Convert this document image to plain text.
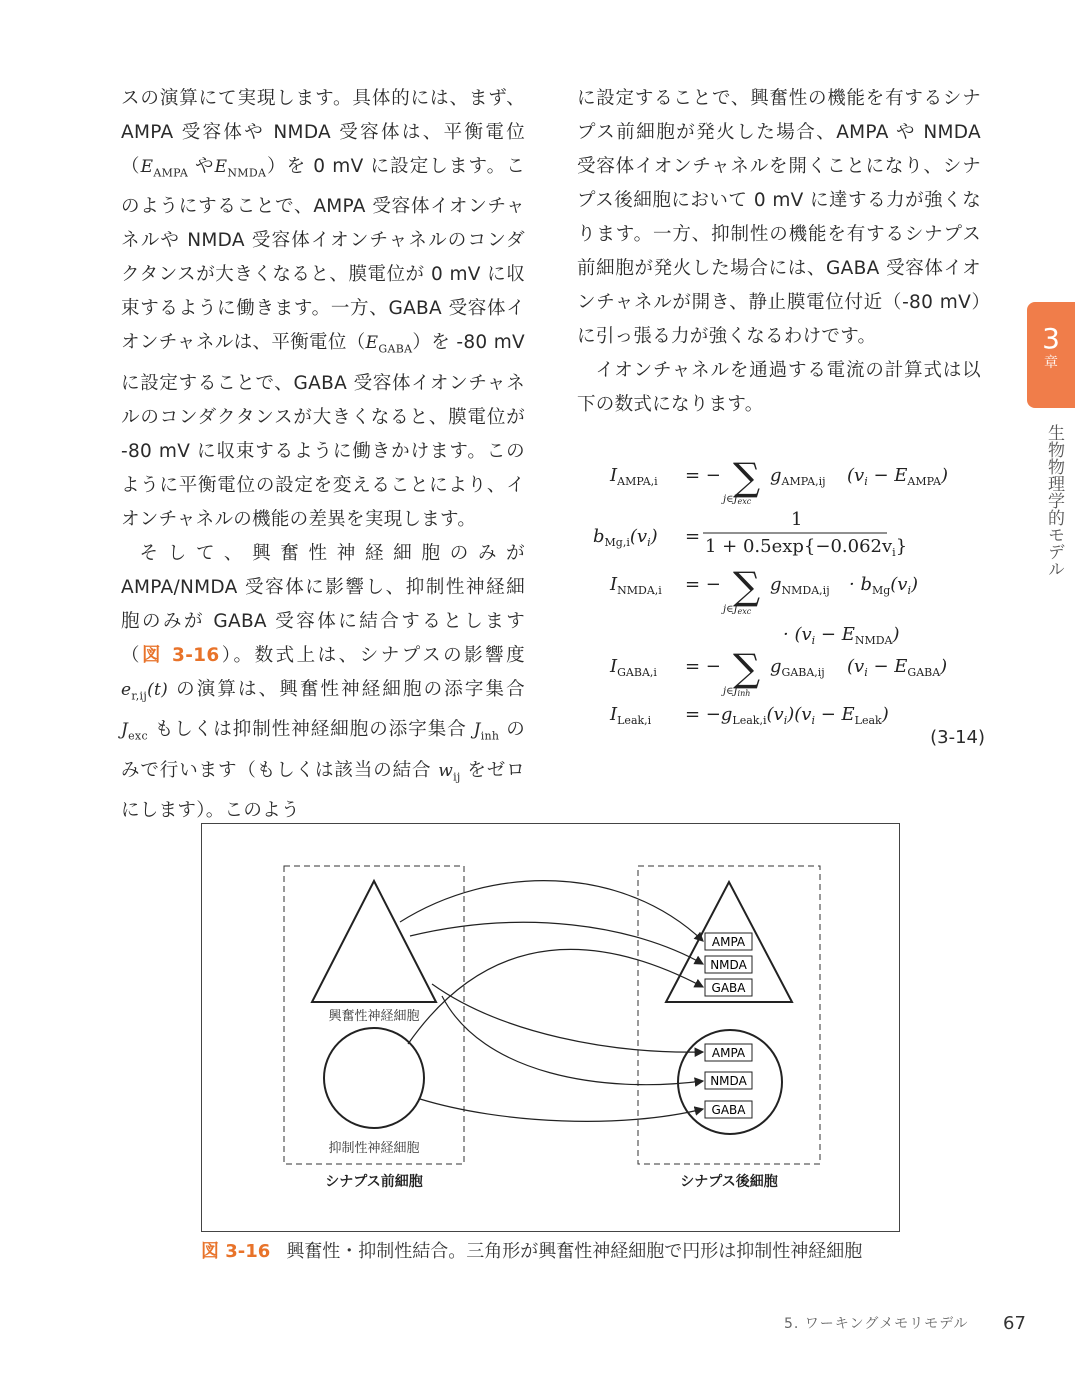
スの演算にて実現します。具体的には、まず、AMPA 受容体や NMDA 受容体は、平衡電位（$E_{AMPA}$ や$E_{NMDA}$）を 0 mV に設定します。このようにすることで、AMPA 受容体イオンチャネルや NMDA 受容体イオンチャネルのコンダクタンスが大きくなると、膜電位が 0 mV に収束するように働きます。一方、GABA 受容体イオンチャネルは、平衡電位$(E_{GABA})$を -80 mV に設定することで、GABA 受容体イオンチャネルのコンダクタンスが大きくなると、膜電位が -80 mV に収束するように働きかけます。このように平衡電位の設定を変えることにより、イオンチャネルの機能の差異を実現します。

そして、興奮性神経細胞のみが AMPA/NMDA 受容体に影響し、抑制性神経細胞のみが GABA 受容体に結合するとします（図 3-16）。数式上は、シナプスの影響度 $e_{r,ij}(t)$ の演算は、興奮性神経細胞の添字集合 $J_{exc}$ もしくは抑制性神経細胞の添字集合 $J_{inh}$ のみで行います（もしくは該当の結合 $w_{ij}$ をゼロにします）。このよう

に設定することで、興奮性の機能を有するシナプス前細胞が発火した場合、AMPA や NMDA 受容体イオンチャネルを開くことになり、シナプス後細胞において 0 mV に達する力が強くなります。一方、抑制性の機能を有するシナプス前細胞が発火した場合には、GABA 受容体イオンチャネルが開き、静止膜電位付近（-80 mV）に引っ張る力が強くなるわけです。

イオンチャネルを通過する電流の計算式は以下の数式になります。

$I_{AMPA,i}$ = − ∑
$j\in J_{exc}$
$g_{AMPA,ij}$ $(v_i - E_{AMPA})$
$b_{Mg,i}(v_i)$ =
1
$1 + 0.5\exp\{-0.062v_i\}$
$I_{NMDA,i}$ = − ∑
$j\in J_{exc}$
$g_{NMDA,ij} \cdot b_{Mg}(v_i)$
· $(v_i - E_{NMDA})$
$I_{GABA,i}$ = − ∑
$j\in J_{inh}$
$g_{GABA,ij}$ $(v_i - E_{GABA})$
$I_{Leak,i} = -g_{Leak,i}(v_i)(v_i - E_{Leak})$
(3-14)
AMPA
NMDA
GABA
AMPA
NMDA
GABA
興奮性神経細胞
抑制性神経細胞
シナプス前細胞	シナプス後細胞
図 3-16 興奮性・抑制性結合。三角形が興奮性神経細胞で円形は抑制性神経細胞
3
章
生物物理学的モデル
5. ワーキングメモリモデル 67
